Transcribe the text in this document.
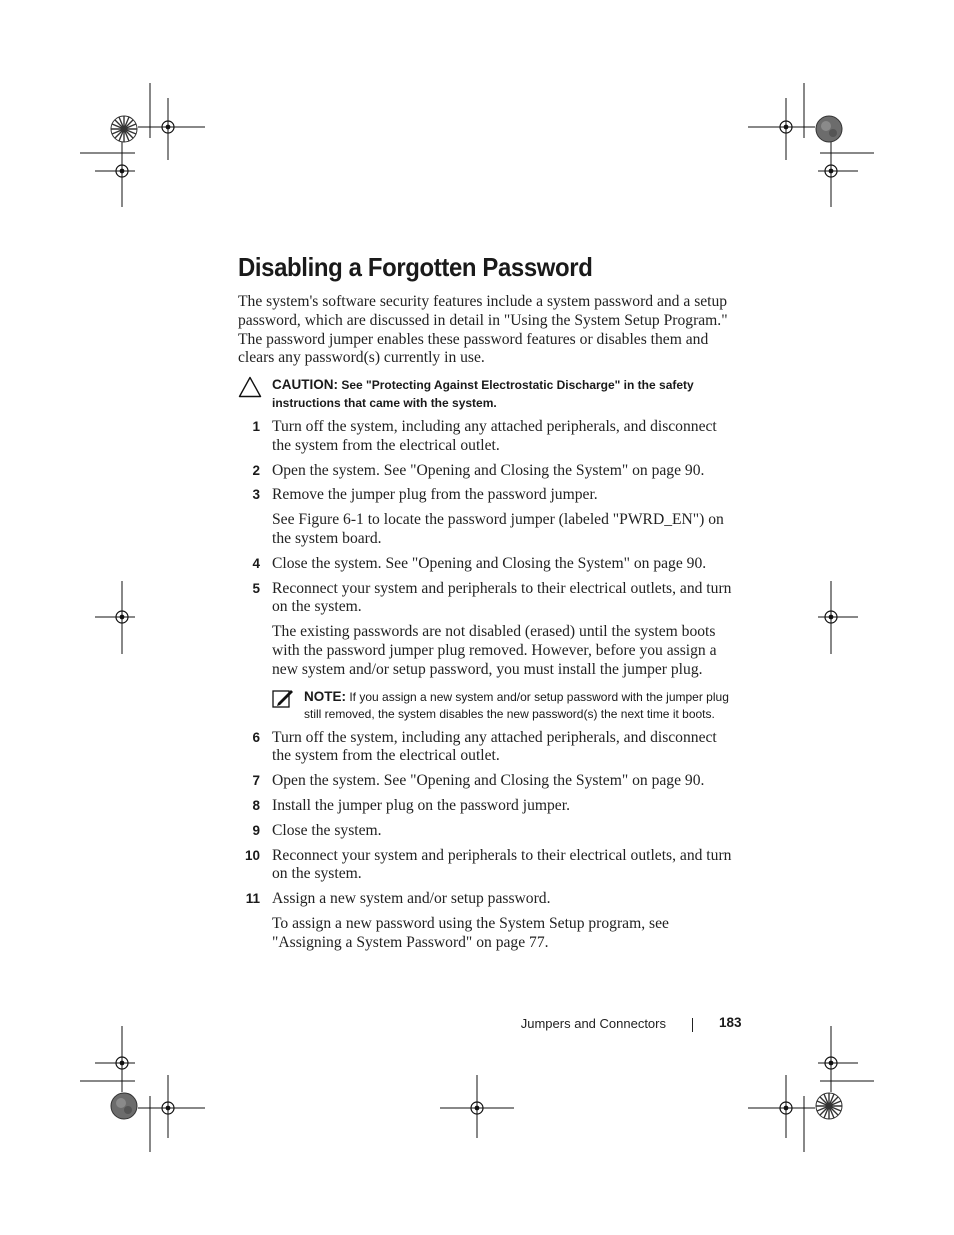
Disabling a Forgotten Password

The system's software security features include a system password and a setup password, which are discussed in detail in "Using the System Setup Program." The password jumper enables these password features or disables them and clears any password(s) currently in use.

CAUTION: See "Protecting Against Electrostatic Discharge" in the safety instructions that came with the system.

1 Turn off the system, including any attached peripherals, and disconnect the system from the electrical outlet.

2 Open the system. See "Opening and Closing the System" on page 90.

3 Remove the jumper plug from the password jumper.

See Figure 6-1 to locate the password jumper (labeled "PWRD_EN") on the system board.

4 Close the system. See "Opening and Closing the System" on page 90.

5 Reconnect your system and peripherals to their electrical outlets, and turn on the system.

The existing passwords are not disabled (erased) until the system boots with the password jumper plug removed. However, before you assign a new system and/or setup password, you must install the jumper plug.

NOTE: If you assign a new system and/or setup password with the jumper plug still removed, the system disables the new password(s) the next time it boots.

6 Turn off the system, including any attached peripherals, and disconnect the system from the electrical outlet.

7 Open the system. See "Opening and Closing the System" on page 90.

8 Install the jumper plug on the password jumper.

9 Close the system.

10 Reconnect your system and peripherals to their electrical outlets, and turn on the system.

11 Assign a new system and/or setup password.

To assign a new password using the System Setup program, see "Assigning a System Password" on page 77.

Jumpers and Connectors	183
